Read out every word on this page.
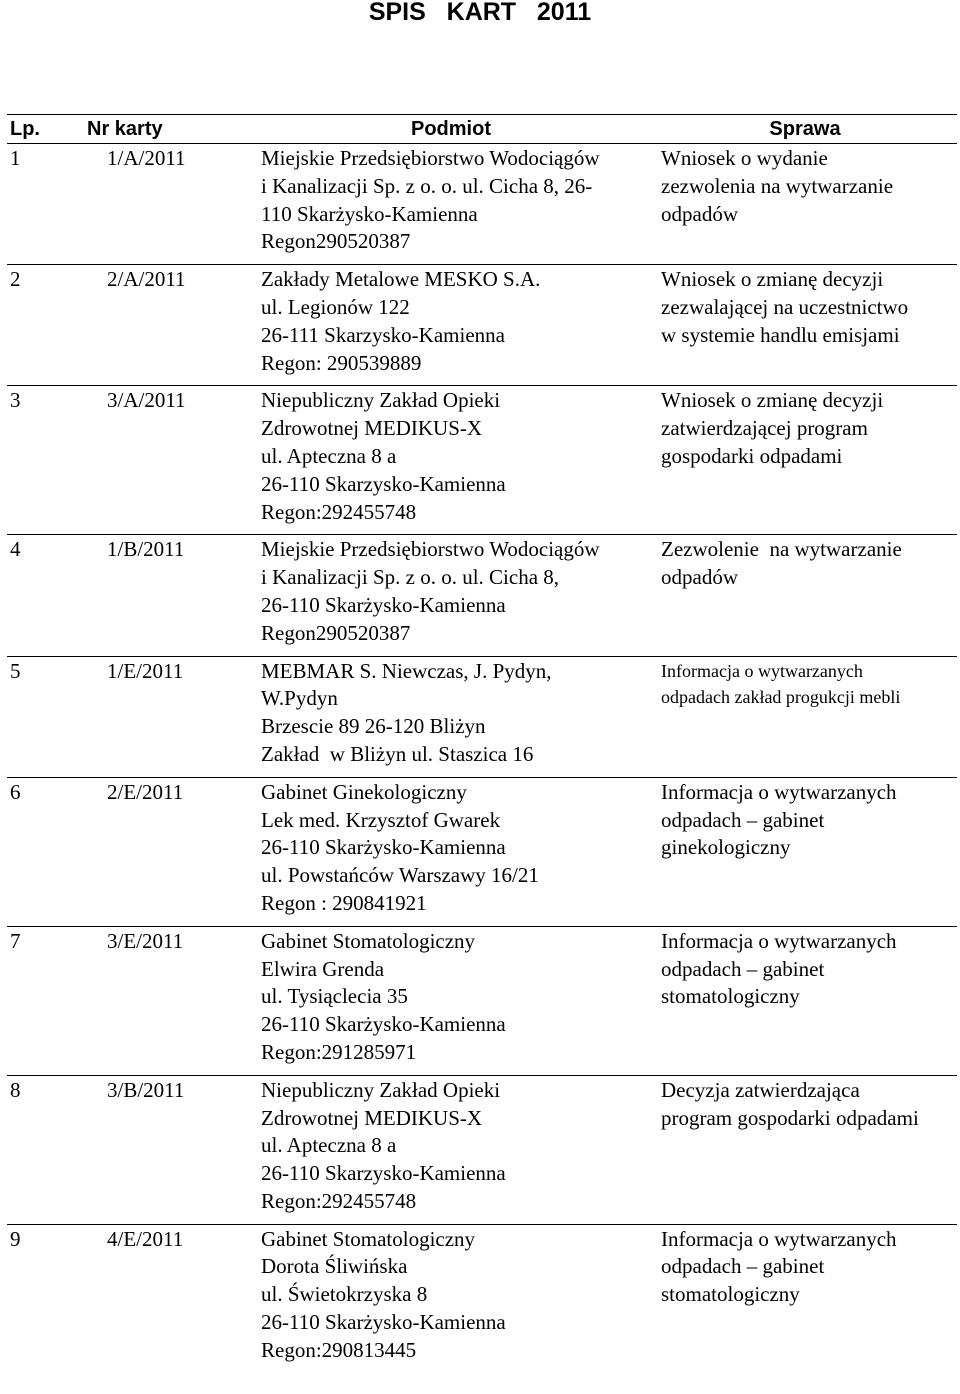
SPIS   KART   2011
Lp.	Nr karty	Podmiot	Sprawa
1	1/A/2011	Miejskie Przedsiębiorstwo Wodociągów
i Kanalizacji Sp. z o. o. ul. Cicha 8, 26-
110 Skarżysko-Kamienna
Regon290520387	Wniosek o wydanie
zezwolenia na wytwarzanie
odpadów

2	2/A/2011	Zakłady Metalowe MESKO S.A.
ul. Legionów 122
26-111 Skarzysko-Kamienna
Regon: 290539889	Wniosek o zmianę decyzji
zezwalającej na uczestnictwo
w systemie handlu emisjami

3	3/A/2011	Niepubliczny Zakład Opieki
Zdrowotnej MEDIKUS-X
ul. Apteczna 8 a
26-110 Skarzysko-Kamienna
Regon:292455748	Wniosek o zmianę decyzji
zatwierdzającej program
gospodarki odpadami

4	1/B/2011	Miejskie Przedsiębiorstwo Wodociągów
i Kanalizacji Sp. z o. o. ul. Cicha 8,
26-110 Skarżysko-Kamienna
Regon290520387	Zezwolenie  na wytwarzanie
odpadów

5	1/E/2011	MEBMAR S. Niewczas, J. Pydyn,
W.Pydyn
Brzescie 89 26-120 Bliżyn
Zakład  w Bliżyn ul. Staszica 16	Informacja o wytwarzanych
odpadach zakład progukcji mebli

6	2/E/2011	Gabinet Ginekologiczny
Lek med. Krzysztof Gwarek
26-110 Skarżysko-Kamienna
ul. Powstańców Warszawy 16/21
Regon : 290841921	Informacja o wytwarzanych
odpadach – gabinet
ginekologiczny

7	3/E/2011	Gabinet Stomatologiczny
Elwira Grenda
ul. Tysiąclecia 35
26-110 Skarżysko-Kamienna
Regon:291285971	Informacja o wytwarzanych
odpadach – gabinet
stomatologiczny

8	3/B/2011	Niepubliczny Zakład Opieki
Zdrowotnej MEDIKUS-X
ul. Apteczna 8 a
26-110 Skarzysko-Kamienna
Regon:292455748	Decyzja zatwierdzająca
program gospodarki odpadami

9	4/E/2011	Gabinet Stomatologiczny
Dorota Śliwińska
ul. Świetokrzyska 8
26-110 Skarżysko-Kamienna
Regon:290813445	Informacja o wytwarzanych
odpadach – gabinet
stomatologiczny
